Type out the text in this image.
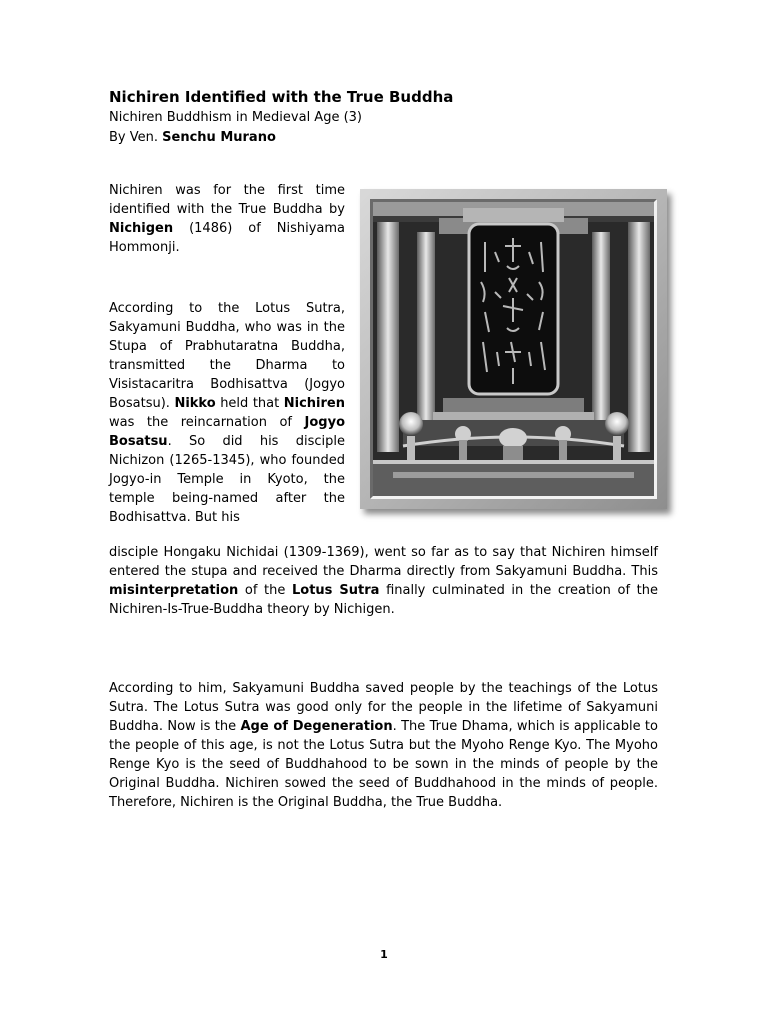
Nichiren Identified with the True Buddha
Nichiren Buddhism in Medieval Age (3)
By Ven. Senchu Murano

Nichiren was for the first time identified with the True Buddha by Nichigen (1486) of Nishiyama Hommonji.

According to the Lotus Sutra, Sakyamuni Buddha, who was in the Stupa of Prabhutaratna Buddha, transmitted the Dharma to Visistacaritra Bodhisattva (Jogyo Bosatsu). Nikko held that Nichiren was the reincarnation of Jogyo Bosatsu. So did his disciple Nichizon (1265-1345), who founded Jogyo-in Temple in Kyoto, the temple being-named after the Bodhisattva. But his

disciple Hongaku Nichidai (1309-1369), went so far as to say that Nichiren himself entered the stupa and received the Dharma directly from Sakyamuni Buddha. This misinterpretation of the Lotus Sutra finally culminated in the creation of the Nichiren-Is-True-Buddha theory by Nichigen.

According to him, Sakyamuni Buddha saved people by the teachings of the Lotus Sutra. The Lotus Sutra was good only for the people in the lifetime of Sakyamuni Buddha. Now is the Age of Degeneration. The True Dhama, which is applicable to the people of this age, is not the Lotus Sutra but the Myoho Renge Kyo. The Myoho Renge Kyo is the seed of Buddhahood to be sown in the minds of people by the Original Buddha. Nichiren sowed the seed of Buddhahood in the minds of people. Therefore, Nichiren is the Original Buddha, the True Buddha.

1
